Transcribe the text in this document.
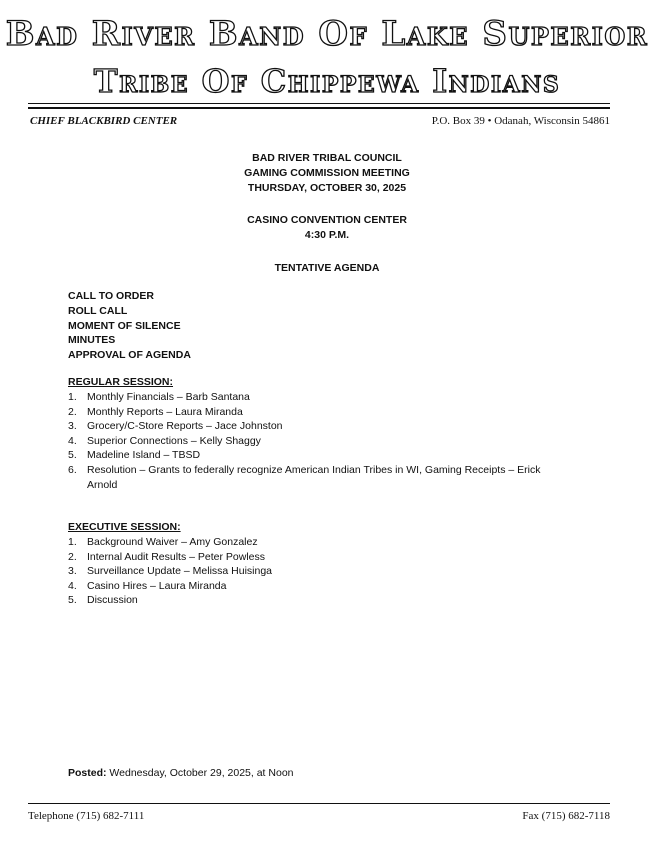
Bad River Band Of Lake Superior
Tribe Of Chippewa Indians
CHIEF BLACKBIRD CENTER	P.O. Box 39 • Odanah, Wisconsin 54861
BAD RIVER TRIBAL COUNCIL
GAMING COMMISSION MEETING
THURSDAY, OCTOBER 30, 2025
CASINO CONVENTION CENTER
4:30 P.M.
TENTATIVE AGENDA
CALL TO ORDER
ROLL CALL
MOMENT OF SILENCE
MINUTES
APPROVAL OF AGENDA
REGULAR SESSION:
1. Monthly Financials – Barb Santana
2. Monthly Reports – Laura Miranda
3. Grocery/C-Store Reports – Jace Johnston
4. Superior Connections – Kelly Shaggy
5. Madeline Island – TBSD
6. Resolution – Grants to federally recognize American Indian Tribes in WI, Gaming Receipts – Erick Arnold
EXECUTIVE SESSION:
1. Background Waiver – Amy Gonzalez
2. Internal Audit Results – Peter Powless
3. Surveillance Update – Melissa Huisinga
4. Casino Hires – Laura Miranda
5. Discussion
Posted: Wednesday, October 29, 2025, at Noon
Telephone (715) 682-7111	Fax (715) 682-7118
